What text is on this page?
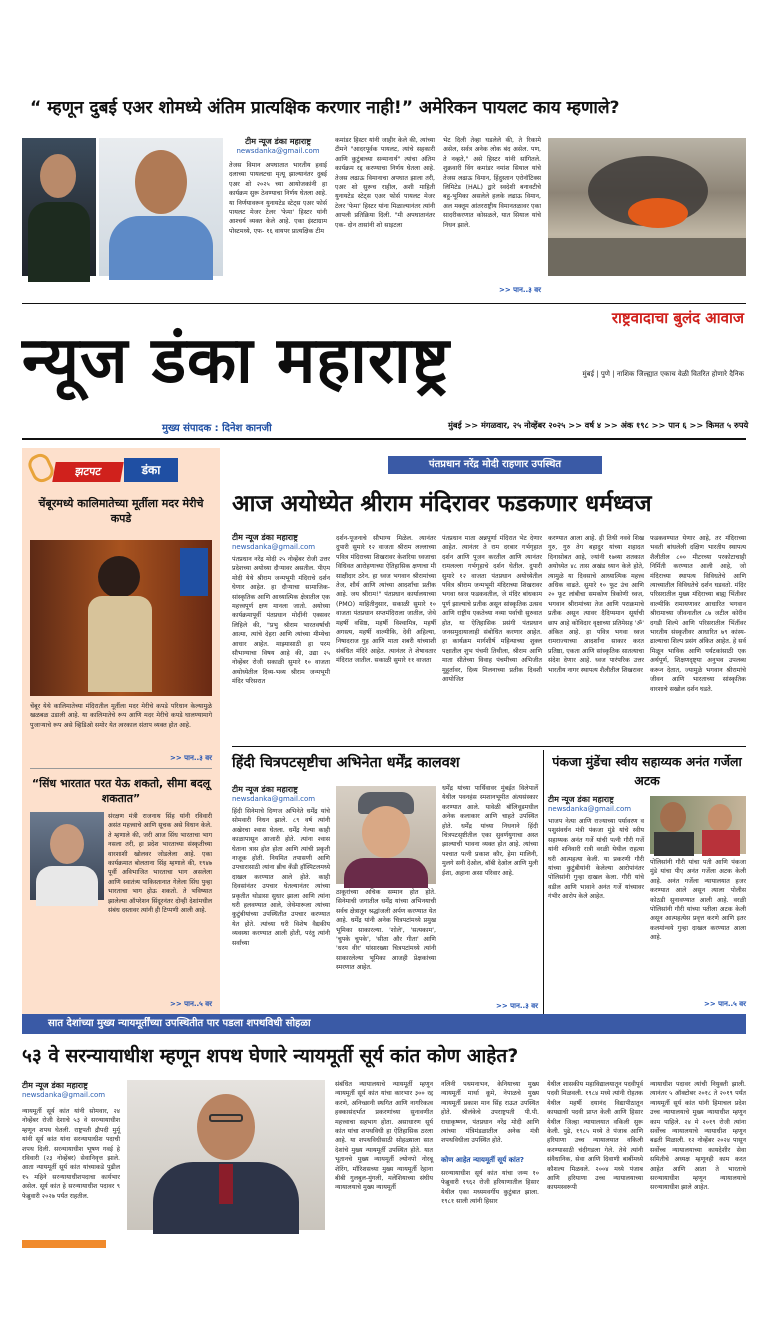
“ म्हणून दुबई एअर शोमध्ये अंतिम प्रात्यक्षिक करणार नाही!” अमेरिकन पायलट काय म्हणाले?
टीम न्यूज डंका महाराष्ट्र
newsdanka@gmail.com
तेजस विमान अपघातात भारतीय हवाई दलाच्या पायलटचा मृत्यू झाल्यानंतर दुबई एअर शो २०२५ च्या आयोजकांनी हा कार्यक्रम सुरू ठेवण्याचा निर्णय घेतला आहे. या निर्णयावरून युनायटेड स्टेट्स एअर फोर्स पायलट मेजर टेलर 'फेमा' हिस्टर यांनी आश्चर्य व्यक्त केले आहे. एका इंस्टाग्राम पोस्टमध्ये, एफ- १६ वायपर प्रात्यक्षिक टीम
कमांडर हिस्टर यांनी जाहीर केले की, त्यांच्या टीमने "आदरपूर्वक पायलट, त्यांचे सहकारी आणि कुटुंबाच्या सन्मानार्थ" त्यांचा अंतिम कार्यक्रम रद्द करण्याचा निर्णय घेतला आहे. तेजस लढाऊ विमानाचा अपघात झाला तरी, एअर शो सुरूच राहील, अशी माहिती युनायटेड स्टेट्स एअर फोर्स पायलट मेजर टेलर 'फेमा' हिस्टर यांना मिळाल्यानंतर त्यांनी आपली प्रतिक्रिया दिली. "मी अपघातानंतर एक- दोन तासांनी शो साइटला
भेट दिली तेव्हा घडलेले की, ते रिकामे असेल, सर्वत्र अनेक लोक बंद असेल. पण, ते नव्हते," असे हिस्टर यांनी सांगितले. शुक्रवारी विंग कमांडर नमांश सियाल यांचे तेजस लढाऊ विमान, हिंदुस्तान एरोनॉटिक्स लिमिटेड (HAL) द्वारे स्वदेशी बनावटीचे बहु-भूमिका असलेले हलके लढाऊ विमान, अल मक्तूम आंतरराष्ट्रीय विमानतळावर एका सादरीकरणात कोसळले, यात सियाल यांचे निधन झाले.
>> पान..३ वर
राष्ट्रवादाचा बुलंद आवाज
न्यूज डंका महाराष्ट्र	मुंबई | पुणे | नाशिक जिल्ह्यात एकाच वेळी वितरित होणारे दैनिक
मुख्य संपादक : दिनेश कानजी	मुंबई >> मंगळवार, २५ नोव्हेंबर २०२५ >> वर्ष ४ >> अंक १९८ >> पान ६ >> किमत ५ रुपये
झटपट	डंका
चेंबूरमध्ये कालिमातेच्या मूर्तीला मदर मेरीचे कपडे
चेंबूर येथे कालिमातेच्या मंदिरातील मूर्तीला मदर मेरीचे कपडे परिधान केल्यामुळे खळबळ उडाली आहे. या कालिमातेचे रूप आणि मदर मेरीचे कपडे घालण्यामागे पुजाऱ्याचे रूप असे व्हिडिओ समोर येत त्वरकाल संताप व्यक्त होत आहे.
>> पान..३ वर
“सिंध भारतात परत येऊ शकतो, सीमा बदलू शकतात”
संरक्षण मंत्री राजनाथ सिंह यांनी रविवारी असंत महत्त्वाचे आणि सूचक असे विधान केले. ते म्हणाले की, जरी आज सिंध भारताचा भाग नसला तरी, हा प्रदेश भारताच्या संस्कृतीच्या वारशाशी खोलवर जोडलेला आहे. एका कार्यक्रमात बोलताना सिंह म्हणाले की, १९४७ पूर्वी अविभाजित भारताचा भाग असलेला आणि स्वातंत्र्य पाकिस्तानात गेलेला सिंध पुन्हा भारताचा भाग होऊ शकतो. ते भविष्यात झालेल्या ऑपरेशन सिंदूरनंतर दोन्ही देशांमधील संबंध दस्तावर त्यांनी ही टिप्पणी आली आहे.
>> पान..५ वर
पंतप्रधान नरेंद्र मोदी राहणार उपस्थित
आज अयोध्येत श्रीराम मंदिरावर फडकणार धर्मध्वज
टीम न्यूज डंका महाराष्ट्र
newsdanka@gmail.com
पंतप्रधान नरेंद्र मोदी २५ नोव्हेंबर रोजी उत्तर प्रदेशच्या अयोध्या दौऱ्यावर असतील. पीएम मोदी येथे श्रीराम जन्मभूमी मंदिराचे दर्शन घेणार आहेत. हा दौऱ्याचा सामाजिक-सांस्कृतिक आणि आध्यात्मिक क्षेत्रातील एक महत्त्वपूर्ण क्षण मानला जातो. अयोध्या कार्यक्रमापूर्वी पंतप्रधान मोदींनी एक्सवर लिहिले की, "प्रभु श्रीराम भारतवर्षाची आत्मा, त्यांचे देहरा आणि त्यांच्या मीम्येचा आधार आहेत. माझ्यासाठी हा परम सौभाग्याचा विषय आहे की, उद्या २५ नोव्हेंबर रोजी सकाळी सुमारे १० वाजता अयोध्येतील दिव्य-भव्य श्रीराम जन्मभूमी मंदिर परिसरात
दर्शन-पूजनाचे सौभाग्य मिळेल. त्यानंतर दुपारी सुमारे १२ वाजता श्रीराम लल्लाच्या पवित्र मंदिराच्या शिखरावर केशरिया ध्वजाचा विधिवत आरोहणाच्या ऐतिहासिक क्षणाचा मी साक्षीदार ठरेन. हा ध्वज भगवान श्रीरामांच्या तेज, शौर्य आणि त्यांच्या आदर्शांचा प्रतीक आहे. जय श्रीराम!" पंतप्रधान कार्यालयाच्या (PMO) माहितीनुसार, सकाळी सुमारे १० वाजता पंतप्रधान सप्तमंदिराला जातील, जेथे महर्षी वसिष्ठ, महर्षी विश्वामित्र, महर्षी अगस्त्य, महर्षी वाल्मीकि, देवी अहिल्या, निषादराज गुह आणि माता शबरी यांच्याशी संबंधित मंदिरे आहेत. त्यानंतर ते शेषावतार मंदिरात जातील. सकाळी सुमारे ११ वाजता
पंतप्रधान माता अन्नपूर्णा मंदिरात भेट देणार आहेत. त्यानंतर ते राम दरबार गर्भगृहात दर्शन आणि पूजन करतील आणि त्यानंतर रामलल्ला गर्भगृहाचे दर्शन घेतील. दुपारी सुमारे १२ वाजता पंतप्रधान अयोध्येतील पवित्र श्रीराम जन्मभूमी मंदिराच्या शिखरावर भगवा ध्वज फडकवतील, जे मंदिर बांधकाम पूर्ण झाल्याचे प्रतीक असून सांस्कृतिक उत्सव आणि राष्ट्रीय एकतेच्या नव्या पर्वाची सुरुवात होत, या ऐतिहासिक प्रसंगी पंतप्रधान जनसमुदायालाही संबोधित करणार आहेत. हा कार्यक्रम मार्गशीर्ष महिन्याच्या शुक्ल पक्षातील शुभ पंचमी तिथीला, श्रीराम आणि माता सीतेच्या विवाह पंचमीच्या अभिजीत मुहूर्तावर, दिव्य मिलनाच्या प्रतीक दिवशी आयोजित
करण्यात आला आहे. ही तिथी नववे शिख गुरु, गुरु तेग बहादुर यांच्या शहादत दिनासोबत आहे, ज्यांनी १७व्या शतकात अयोध्येत ४८ तास अखंड ध्यान केले होते, त्यामुळे या दिवसाचे आध्यात्मिक महत्त्व अधिक वाढते. सुमारे १० फूट उंच आणि २० फूट लांबीचा समकोण त्रिकोणी ध्वज, भगवान श्रीरामांच्या तेज आणि पराक्रमाचे प्रतीक असून त्यावर दैदिप्यमान सूर्याची छाप आहे कोविदार वृक्षाच्या प्रतिमेसह 'ॐ' अंकित आहे. हा पवित्र भगवा ध्वज रामराज्याच्या आदर्शांना साकार करत प्रतिष्ठा, एकता आणि सांस्कृतिक सातत्याचा संदेश देणार आहे. ध्वज पारंपरिक उत्तर भारतीय नागर स्थापत्य शैलीतील शिखरावर
फडकवण्यात येणार आहे, तर मंदिराच्या भवती बांधलेली दक्षिण भारतीय स्थापत्य शैलीतील ८०० मीटरच्या परकोटाचाही निर्मिती करण्यात आली आहे, जो मंदिराच्या स्थापत्य विविधतेचे आणि त्याच्यातील विविधतेचे दर्शन घडवतो. मंदिर परिसरातील मुख्य मंदिराच्या बाह्य भिंतीवर वाल्मीकि रामायणावर आधारित भगवान श्रीरामाच्या जीवनातील ८७ जटील कोरीव दगडी शिल्पे आणि परिसरातील भिंतींवर भारतीय संस्कृतीवर आधारित ७९ कांस्य-ढाल्याचा शिल्प प्रसंग अंकित आहेत. हे सर्व मिळून भाविक आणि पर्यटकांसाठी एक अर्थपूर्ण, शिक्षणदृष्ट्या अनुभव उपलब्ध करून देतात, ज्यामुळे भगवान श्रीरामांचे जीवन आणि भारताच्या सांस्कृतिक वारशाचे सखोल दर्शन घडते.
हिंदी चित्रपटसृष्टीचा अभिनेता धर्मेंद्र कालवश
टीम न्यूज डंका महाराष्ट्र
newsdanka@gmail.com
हिंदी सिनेमाचे दिग्गज अभिनेते धर्मेंद्र यांचे सोमवारी निधन झाले. ८९ वर्ष त्यांनी अखेरचा श्वास घेतला. धर्मेंद्र गेल्या काही काळापासून आजारी होते. त्यांना श्वास घेताना त्रास होत होता आणि त्यांची प्रकृती नाजूक होती. नियमित तपासणी आणि उपचारासाठी त्यांना ब्रीच कँडी हॉस्पिटलमध्ये दाखल करण्यात आले होते. काही दिवसांनंतर उपचार घेतल्यानंतर त्यांच्या प्रकृतीत थोडासा सुधार झाला आणि त्यांना घरी हलवण्यात आले, जेथेमारूला त्यांच्या कुटुंबीयांच्या उपस्थितीत उपचार करण्यात येत होते. त्यांच्या घरी विशेष वैद्यकीय व्यवस्था करण्यात आली होती, परंतु त्यांनी सर्वांच्या
ठाकूरांच्या अचिक सम्मान होत होते. सिनेमाची जगातील धर्मेंद्र यांच्या अभिनयाची सर्वच क्षेत्रातून श्रद्धांजली अर्पण करण्यात येत आहे. धर्मेंद्र यांनी अनेक चित्रपटांमध्ये प्रमुख भूमिका साकारल्या. 'शोले', 'सत्यकाम', 'चुपके चुपके', 'सीता और गीता' आणि 'धरम वीर' यांसारख्या चित्रपटांमध्ये त्यांनी साकारलेल्या भूमिका आजही प्रेक्षकांच्या स्मरणात आहेत.
धर्मेंद्र यांच्या पार्थिवावर मुंबईत विलेपार्ले येथील पवनहंस स्मशानभूमीत अंत्यसंस्कार करण्यात आले. यावेळी बॉलिवूडमधील अनेक कलाकार आणि चाहते उपस्थित होते. धर्मेंद्र यांच्या निधनाने हिंदी चित्रपटसृष्टीतील एका सुवर्णयुगाचा अस्त झाल्याची भावना व्यक्त होत आहे. त्यांच्या पश्चात पत्नी प्रकाश कौर, हेमा मालिनी, मुलगे सनी देओल, बॉबी देओल आणि मुली ईशा, अहाना असा परिवार आहे.
>> पान..३ वर
पंकजा मुंडेंचा स्वीय सहाय्यक अनंत गर्जेला अटक
टीम न्यूज डंका महाराष्ट्र
newsdanka@gmail.com
भाजप नेत्या आणि राज्याच्या पर्यावरण व पशुसंवर्धन मंत्री पंकजा मुंडे यांचे स्वीय सहाय्यक अनंत गर्जे यांची पत्नी गौरी गर्जे यांनी शनिवारी रात्री वरळी येथील राहत्या घरी आत्महत्या केली. या प्रकरणी गौरी यांच्या कुटुंबीयांनी केलेल्या आरोपांनंतर पोलिसांनी गुन्हा दाखल केला. गौरी यांचे वडील आणि भावाने अनंत गर्जे यांच्यावर गंभीर आरोप केले आहेत.
पोलिसांनी गौरी यांचा पती आणि पंकजा मुंडे यांचा पीए अनंत गर्जेला अटक केली आहे. अनंत गर्जेला न्यायालयात हजर करण्यात आले असून त्याला पोलीस कोठडी सुनावण्यात आली आहे. वरळी पोलिसांनी गौरी यांच्या पतीला अटक केली असून आत्महत्येस प्रवृत्त करणे आणि इतर कलमांन्वये गुन्हा दाखल करण्यात आला आहे.
>> पान..५ वर
सात देशांच्या मुख्य न्यायमूर्तींच्या उपस्थितीत पार पडला शपथविधी सोहळा
५३ वे सरन्यायाधीश म्हणून शपथ घेणारे न्यायमूर्ती सूर्य कांत कोण आहेत?
टीम न्यूज डंका महाराष्ट्र
newsdanka@gmail.com
न्यायमूर्ती सूर्य कांत यांनी सोमवार, २४ नोव्हेंबर रोजी देशाचे ५३ वे सरन्यायाधीश म्हणून शपथ घेतली. राष्ट्रपती द्रौपदी मुर्मू यांनी सूर्य कांत यांना सरन्यायाधीश पदाची शपथ दिली. सरन्यायाधीश भूषण गवई हे रविवारी (२३ नोव्हेंबर) सेवानिवृत्त झाले. आता न्यायमूर्ती सूर्य कांत यांच्याकडे पुढील १५ महिने सरन्यायाधीशपदाचा कार्यभार असेल. सूर्य कांत हे सरन्यायाधीश पदावर ९ फेब्रुवारी २०२७ पर्यंत राहतील.
संबंधित न्यायालयाचे न्यायमूर्ती म्हणून न्यायमूर्ती सूर्य कांत यांचा कारभार ३०० रद्द करणे, अनिच्छानी स्थगित आणि नागरिकत्व हक्कासंदर्भात प्रकरणांच्या सुनावणीत महत्त्वाचा सहभाग होता. असाधारण सूर्य कांत यांचा शपथविधी हा ऐतिहासिक ठरला आहे. या शपथविधीसाठी सोहळ्याला सात देशांचे मुख्य न्यायमूर्ती उपस्थित होते. यात भूतानचे मुख्य न्यायमूर्ती ल्योनपो नोरबू शेरिंग, मॉरिशसच्या मुख्य न्यायमूर्ती रेहाना बीबी गुलबुल-मुंगली, मलेशियाच्या संघीय न्यायालयाचे मुख्य न्यायमूर्ती
नलिनी पथमनाभन, केनियाच्या मुख्य न्यायमूर्ती मार्था कूमे, नेपाळचे मुख्य न्यायमूर्ती प्रकाश मान सिंह राऊत उपस्थित होते. श्रीलंकेचे उपराष्ट्रपती पी.पी. राधाकृष्णन, पंतप्रधान नरेंद्र मोदी आणि त्यांच्या मंत्रिमंडळातील अनेक मंत्री शपथविधीला उपस्थित होते.
कोण आहेत न्यायमूर्ती सूर्य कांत?
सरन्यायाधीश सूर्य कांत यांचा जन्म १० फेब्रुवारी १९६२ रोजी हरियाणातील हिसार येथील एका मध्यमवर्गीय कुटुंबात झाला. १९८१ साली त्यांनी हिसार
येथील शासकीय महाविद्यालयातून पदवीपूर्व पदवी मिळवली. १९८४ मध्ये त्यांनी रोहतक येथील महर्षी दयानंद विद्यापीठातून कायद्याची पदवी प्राप्त केली आणि हिसार येथील जिल्हा न्यायालयात वकिली सुरू केली. पुढे, १९८५ मध्ये ते पंजाब आणि हरियाणा उच्च न्यायालयात वकिली करण्यासाठी चंदीगडला गेले. तेथे त्यांनी संवैधानिक, सेवा आणि दिवाणी बाबींमध्ये कौशल्य मिळवले. २००४ मध्ये पंजाब आणि हरियाणा उच्च न्यायालयाच्या कायमस्वरूपी
न्यायाधीश पदावर त्यांची नियुक्ती झाली. त्यानंतर ५ ऑक्टोबर २०१८ ते २०१९ पर्यंत न्यायमूर्ती सूर्य कांत यांनी हिमाचल प्रदेश उच्च न्यायालयाचे मुख्य न्यायाधीश म्हणून काम पाहिले. २४ मे २०१९ रोजी त्यांना सर्वोच्च न्यायालयाचे न्यायाधीश म्हणून बढती मिळाली. १२ नोव्हेंबर २०२४ पासून सर्वोच्च न्यायालयाच्या कायदेशीर सेवा समितीचे अध्यक्ष म्हणूनही काम करत आहेत आणि आता ते भारताचे सरन्यायाधीश म्हणून न्यायालयाचे सरन्यायाधीश झाले आहेत.
